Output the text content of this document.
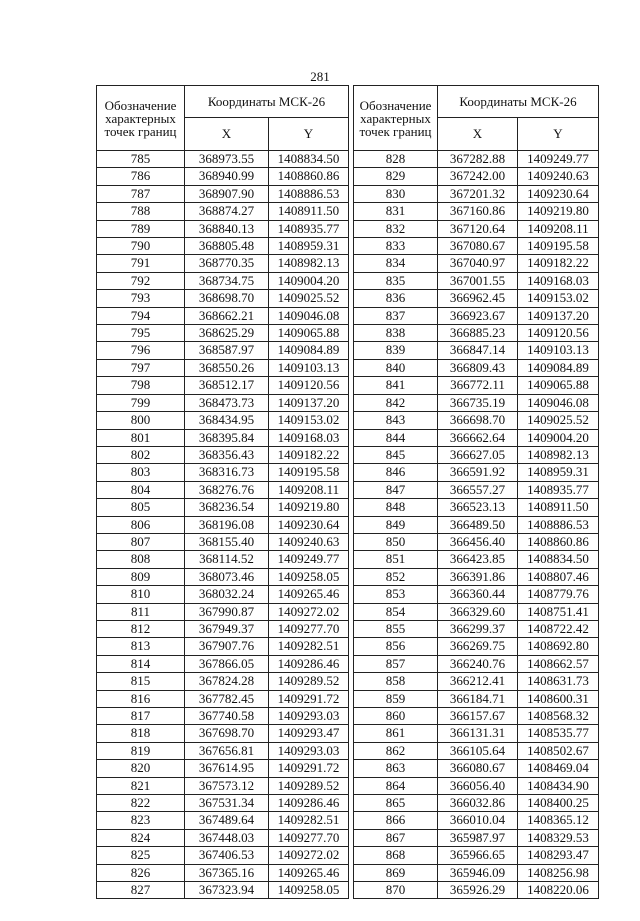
281
Обозначение характерных точек границ	Координаты МСК-26	
	X	Y
785	368973.55	1408834.50
786	368940.99	1408860.86
787	368907.90	1408886.53
788	368874.27	1408911.50
789	368840.13	1408935.77
790	368805.48	1408959.31
791	368770.35	1408982.13
792	368734.75	1409004.20
793	368698.70	1409025.52
794	368662.21	1409046.08
795	368625.29	1409065.88
796	368587.97	1409084.89
797	368550.26	1409103.13
798	368512.17	1409120.56
799	368473.73	1409137.20
800	368434.95	1409153.02
801	368395.84	1409168.03
802	368356.43	1409182.22
803	368316.73	1409195.58
804	368276.76	1409208.11
805	368236.54	1409219.80
806	368196.08	1409230.64
807	368155.40	1409240.63
808	368114.52	1409249.77
809	368073.46	1409258.05
810	368032.24	1409265.46
811	367990.87	1409272.02
812	367949.37	1409277.70
813	367907.76	1409282.51
814	367866.05	1409286.46
815	367824.28	1409289.52
816	367782.45	1409291.72
817	367740.58	1409293.03
818	367698.70	1409293.47
819	367656.81	1409293.03
820	367614.95	1409291.72
821	367573.12	1409289.52
822	367531.34	1409286.46
823	367489.64	1409282.51
824	367448.03	1409277.70
825	367406.53	1409272.02
826	367365.16	1409265.46
827	367323.94	1409258.05
Обозначение характерных точек границ	Координаты МСК-26	
	X	Y
828	367282.88	1409249.77
829	367242.00	1409240.63
830	367201.32	1409230.64
831	367160.86	1409219.80
832	367120.64	1409208.11
833	367080.67	1409195.58
834	367040.97	1409182.22
835	367001.55	1409168.03
836	366962.45	1409153.02
837	366923.67	1409137.20
838	366885.23	1409120.56
839	366847.14	1409103.13
840	366809.43	1409084.89
841	366772.11	1409065.88
842	366735.19	1409046.08
843	366698.70	1409025.52
844	366662.64	1409004.20
845	366627.05	1408982.13
846	366591.92	1408959.31
847	366557.27	1408935.77
848	366523.13	1408911.50
849	366489.50	1408886.53
850	366456.40	1408860.86
851	366423.85	1408834.50
852	366391.86	1408807.46
853	366360.44	1408779.76
854	366329.60	1408751.41
855	366299.37	1408722.42
856	366269.75	1408692.80
857	366240.76	1408662.57
858	366212.41	1408631.73
859	366184.71	1408600.31
860	366157.67	1408568.32
861	366131.31	1408535.77
862	366105.64	1408502.67
863	366080.67	1408469.04
864	366056.40	1408434.90
865	366032.86	1408400.25
866	366010.04	1408365.12
867	365987.97	1408329.53
868	365966.65	1408293.47
869	365946.09	1408256.98
870	365926.29	1408220.06
